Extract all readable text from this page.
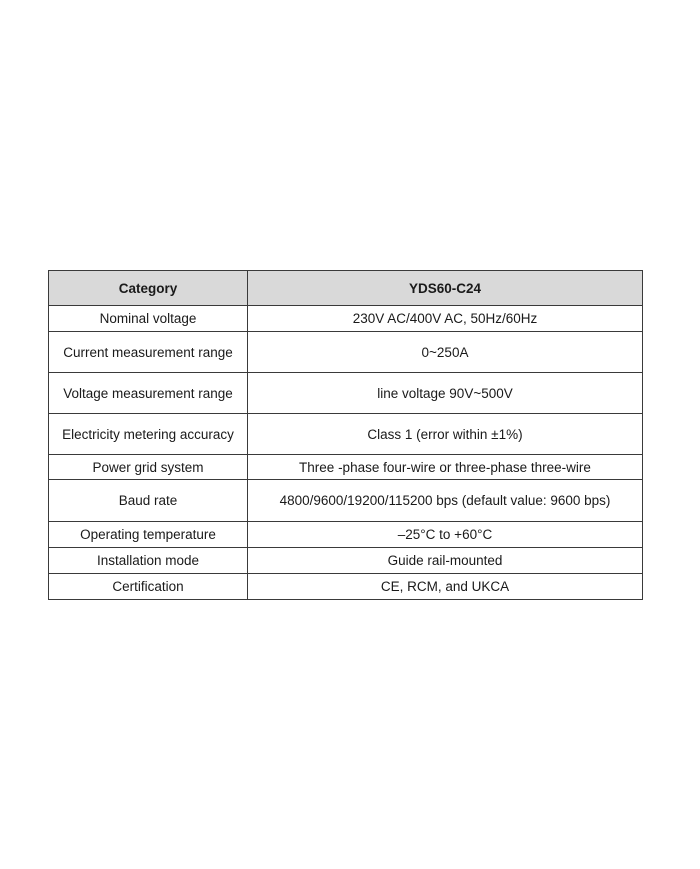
Category	YDS60-C24
Nominal voltage	230V AC/400V AC, 50Hz/60Hz
Current measurement range	0~250A
Voltage measurement range	line voltage 90V~500V
Electricity metering accuracy	Class 1 (error within ±1%)
Power grid system	Three -phase four-wire or three-phase three-wire
Baud rate	4800/9600/19200/115200 bps (default value: 9600 bps)
Operating temperature	–25°C to +60°C
Installation mode	Guide rail-mounted
Certification	CE, RCM, and UKCA
